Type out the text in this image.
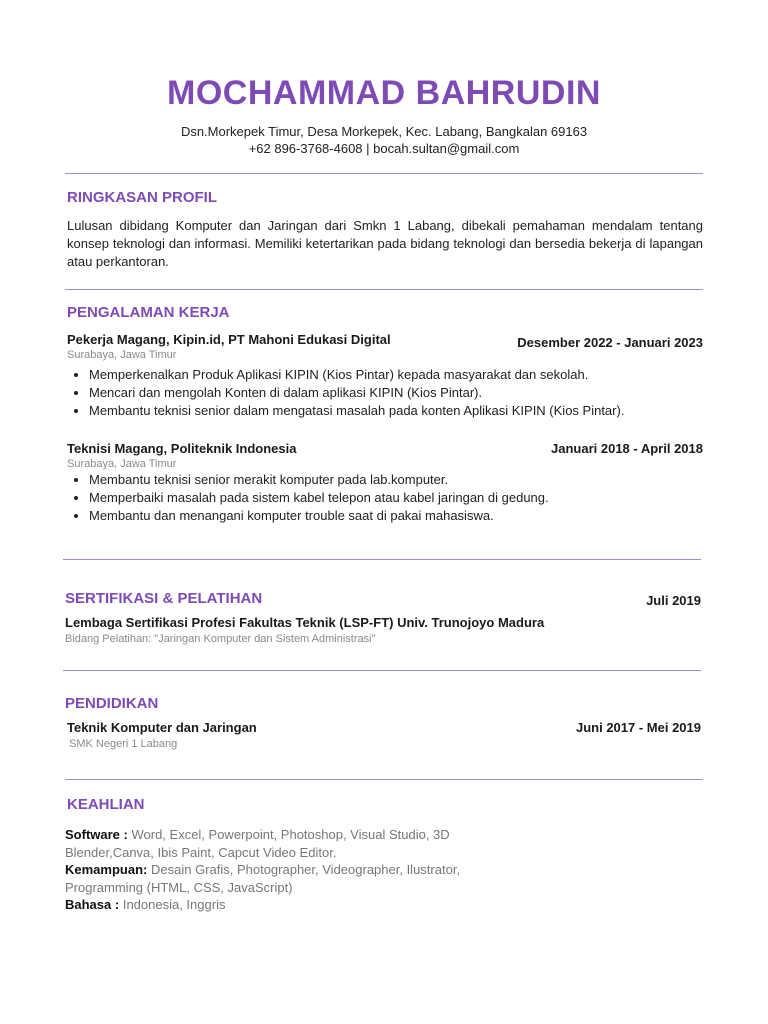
MOCHAMMAD BAHRUDIN
Dsn.Morkepek Timur, Desa Morkepek, Kec. Labang, Bangkalan 69163
+62 896-3768-4608 | bocah.sultan@gmail.com
RINGKASAN PROFIL

Lulusan dibidang Komputer dan Jaringan dari Smkn 1 Labang, dibekali pemahaman mendalam tentang konsep teknologi dan informasi. Memiliki ketertarikan pada bidang teknologi dan bersedia bekerja di lapangan atau perkantoran.

PENGALAMAN KERJA
Pekerja Magang, Kipin.id, PT Mahoni Edukasi Digital	Desember 2022 - Januari 2023
Surabaya, Jawa Timur
• Memperkenalkan Produk Aplikasi KIPIN (Kios Pintar) kepada masyarakat dan sekolah.
• Mencari dan mengolah Konten di dalam aplikasi KIPIN (Kios Pintar).
• Membantu teknisi senior dalam mengatasi masalah pada konten Aplikasi KIPIN (Kios Pintar).
Teknisi Magang, Politeknik Indonesia	Januari 2018 - April 2018
Surabaya, Jawa Timur
• Membantu teknisi senior merakit komputer pada lab.komputer.
• Memperbaiki masalah pada sistem kabel telepon atau kabel jaringan di gedung.
• Membantu dan menangani komputer trouble saat di pakai mahasiswa.
SERTIFIKASI & PELATIHAN	Juli 2019
Lembaga Sertifikasi Profesi Fakultas Teknik (LSP-FT) Univ. Trunojoyo Madura
Bidang Pelatihan: "Jaringan Komputer dan Sistem Administrasi"
PENDIDIKAN
Teknik Komputer dan Jaringan	Juni 2017 - Mei 2019
SMK Negeri 1 Labang
KEAHLIAN
Software : Word, Excel, Powerpoint, Photoshop, Visual Studio, 3D Blender,Canva, Ibis Paint, Capcut Video Editor.
Kemampuan: Desain Grafis, Photographer, Videographer, Ilustrator, Programming (HTML, CSS, JavaScript)
Bahasa : Indonesia, Inggris
